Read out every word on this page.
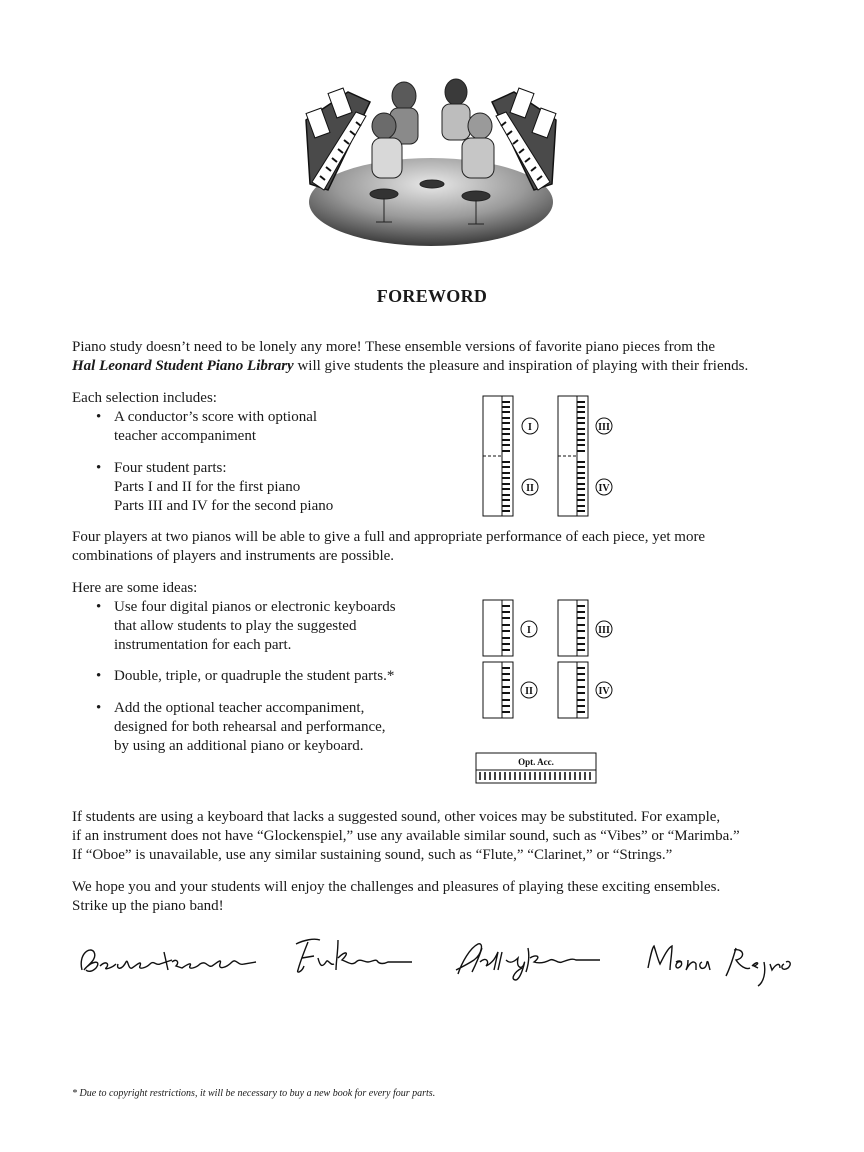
FOREWORD
Piano study doesn’t need to be lonely any more! These ensemble versions of favorite piano pieces from the
Hal Leonard Student Piano Library will give students the pleasure and inspiration of playing with their friends.
Each selection includes:
• A conductor’s score with optional
teacher accompaniment
• Four student parts:
Parts I and II for the first piano
Parts III and IV for the second piano
I
II
III
IV
Four players at two pianos will be able to give a full and appropriate performance of each piece, yet more
combinations of players and instruments are possible.
Here are some ideas:
• Use four digital pianos or electronic keyboards
that allow students to play the suggested
instrumentation for each part.
• Double, triple, or quadruple the student parts.*
• Add the optional teacher accompaniment,
designed for both rehearsal and performance,
by using an additional piano or keyboard.
I
II
III
IV
Opt. Acc.
If students are using a keyboard that lacks a suggested sound, other voices may be substituted. For example,
if an instrument does not have “Glockenspiel,” use any available similar sound, such as “Vibes” or “Marimba.”
If “Oboe” is unavailable, use any similar sustaining sound, such as “Flute,” “Clarinet,” or “Strings.”
We hope you and your students will enjoy the challenges and pleasures of playing these exciting ensembles.
Strike up the piano band!
* Due to copyright restrictions, it will be necessary to buy a new book for every four parts.
